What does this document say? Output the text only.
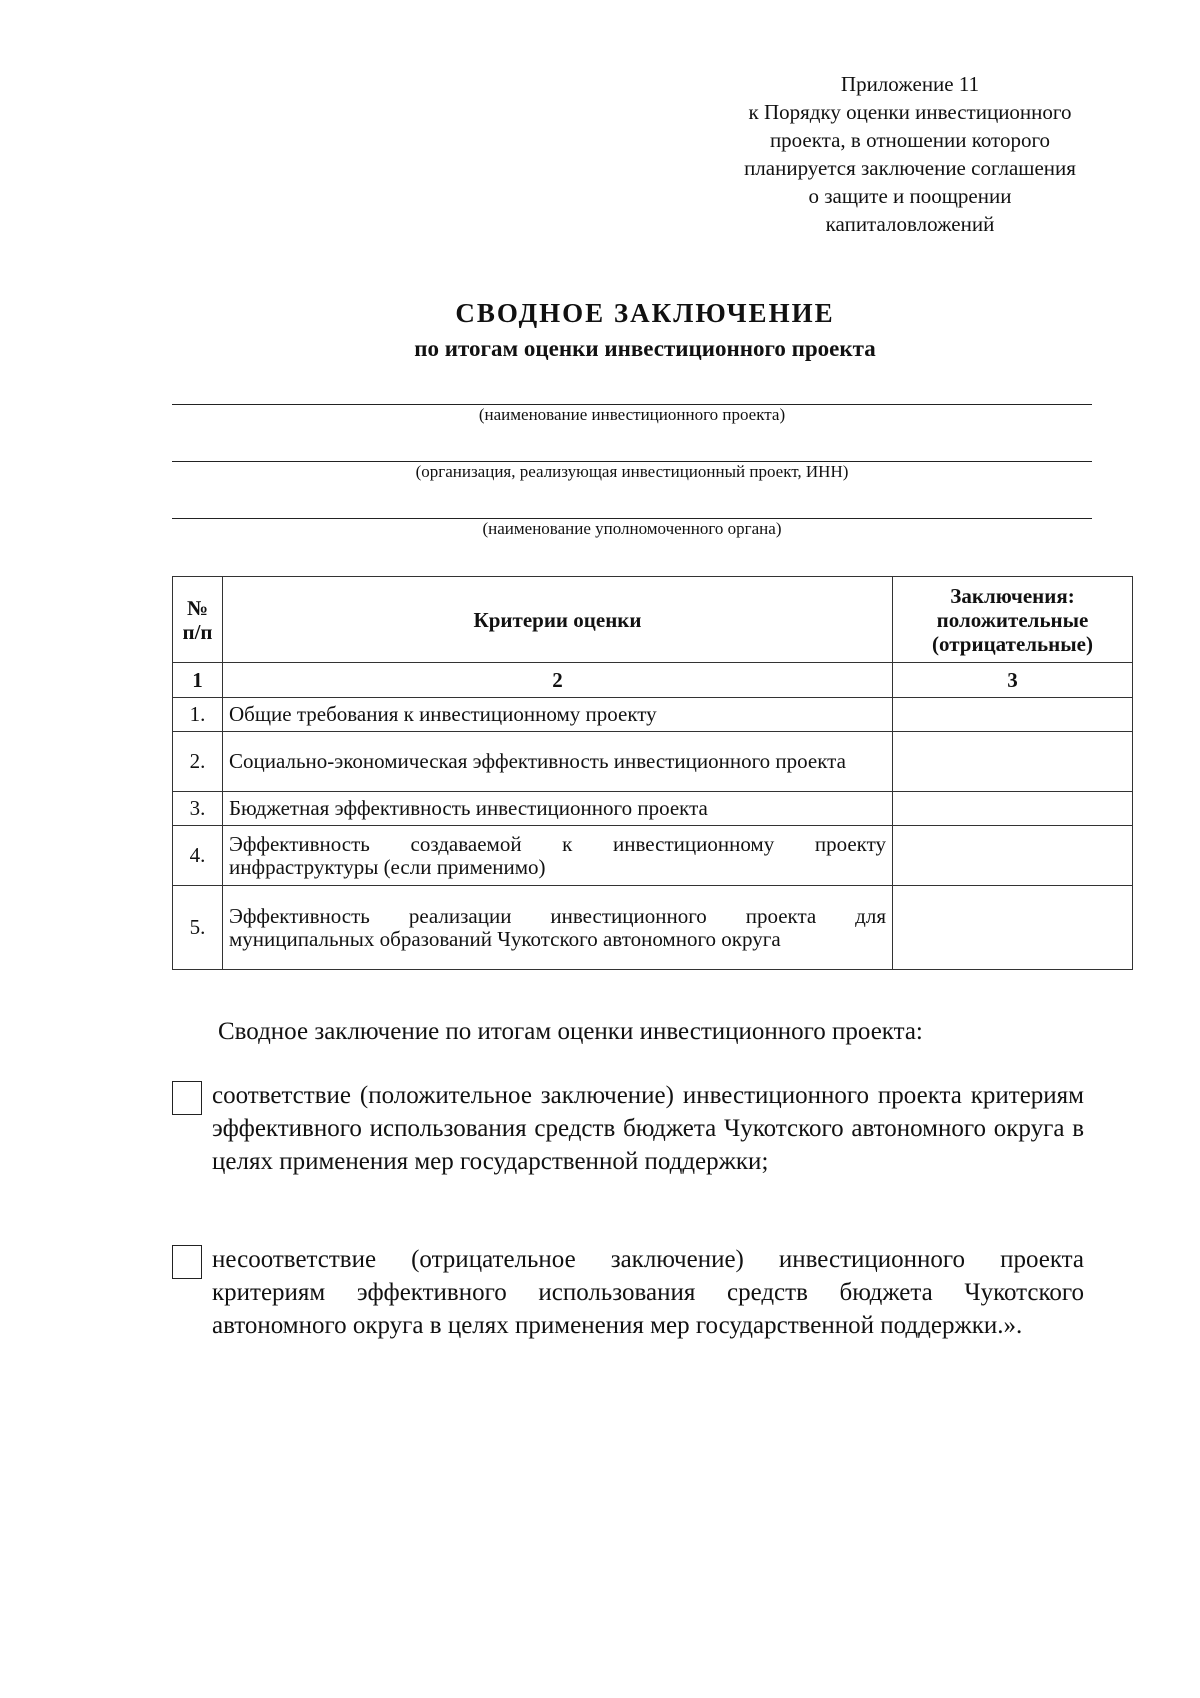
Приложение 11
к Порядку оценки инвестиционного
проекта, в отношении которого
планируется заключение соглашения
о защите и поощрении
капиталовложений
СВОДНОЕ ЗАКЛЮЧЕНИЕ
по итогам оценки инвестиционного проекта
(наименование инвестиционного проекта)
(организация, реализующая инвестиционный проект, ИНН)
(наименование уполномоченного органа)
№ п/п	Критерии оценки	Заключения: положительные (отрицательные)
1	2	3
1.	Общие требования к инвестиционному проекту	
2.	Социально-экономическая эффективность инвестиционного проекта	
3.	Бюджетная эффективность инвестиционного проекта	
4.	Эффективность создаваемой к инвестиционному проекту инфраструктуры (если применимо)	
5.	Эффективность реализации инвестиционного проекта для муниципальных образований Чукотского автономного округа	
Сводное заключение по итогам оценки инвестиционного проекта:
соответствие (положительное заключение) инвестиционного проекта критериям эффективного использования средств бюджета Чукотского автономного округа в целях применения мер государственной поддержки;
несоответствие (отрицательное заключение) инвестиционного проекта критериям эффективного использования средств бюджета Чукотского автономного округа в целях применения мер государственной поддержки.».
